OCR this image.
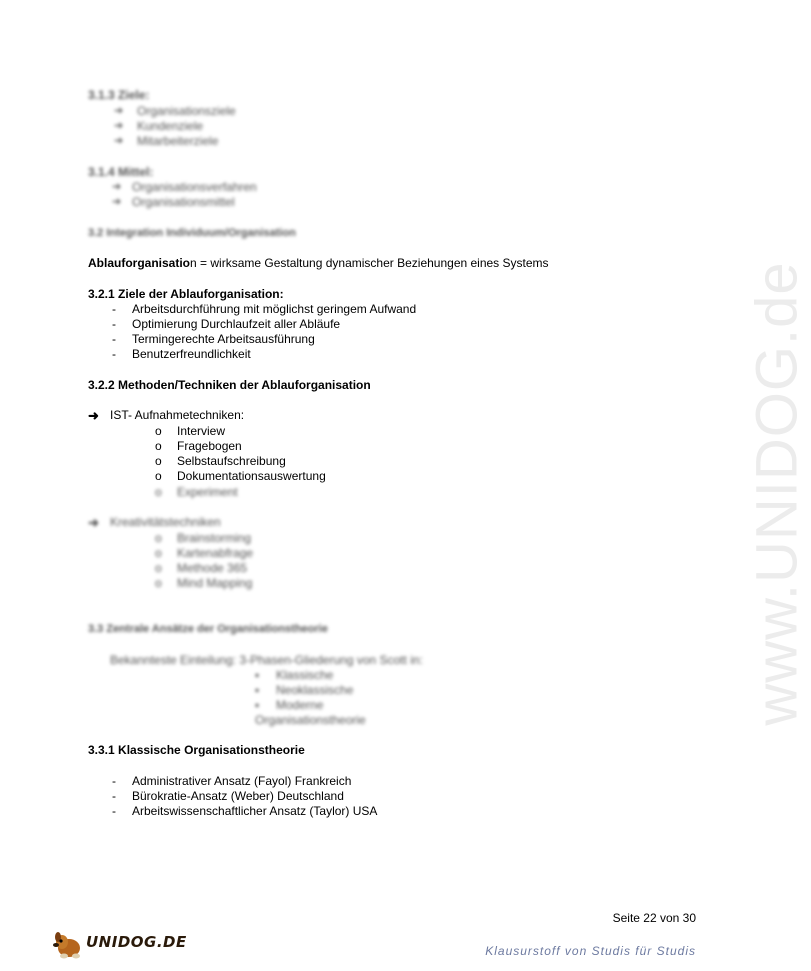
www.UNIDOG.de
3.1.3 Ziele:
➔ Organisationsziele
➔ Kundenziele
➔ Mitarbeiterziele
3.1.4 Mittel:
➔ Organisationsverfahren
➔ Organisationsmittel
3.2 Integration Individuum/Organisation
Ablauforganisation = wirksame Gestaltung dynamischer Beziehungen eines Systems
3.2.1 Ziele der Ablauforganisation:
- Arbeitsdurchführung mit möglichst geringem Aufwand
- Optimierung Durchlaufzeit aller Abläufe
- Termingerechte Arbeitsausführung
- Benutzerfreundlichkeit
3.2.2 Methoden/Techniken der Ablauforganisation
➜ IST- Aufnahmetechniken:
o Interview
o Fragebogen
o Selbstaufschreibung
o Dokumentationsauswertung
o Experiment
➜ Kreativitätstechniken
o Brainstorming
o Kartenabfrage
o Methode 365
o Mind Mapping
3.3 Zentrale Ansätze der Organisationstheorie
Bekannteste Einteilung: 3-Phasen-Gliederung von Scott in:
▪ Klassische
▪ Neoklassische
▪ Moderne
Organisationstheorie
3.3.1 Klassische Organisationstheorie
- Administrativer Ansatz (Fayol) Frankreich
- Bürokratie-Ansatz (Weber) Deutschland
- Arbeitswissenschaftlicher Ansatz (Taylor) USA
Seite 22 von 30
UNIDOG.DE	Klausurstoff von Studis für Studis
